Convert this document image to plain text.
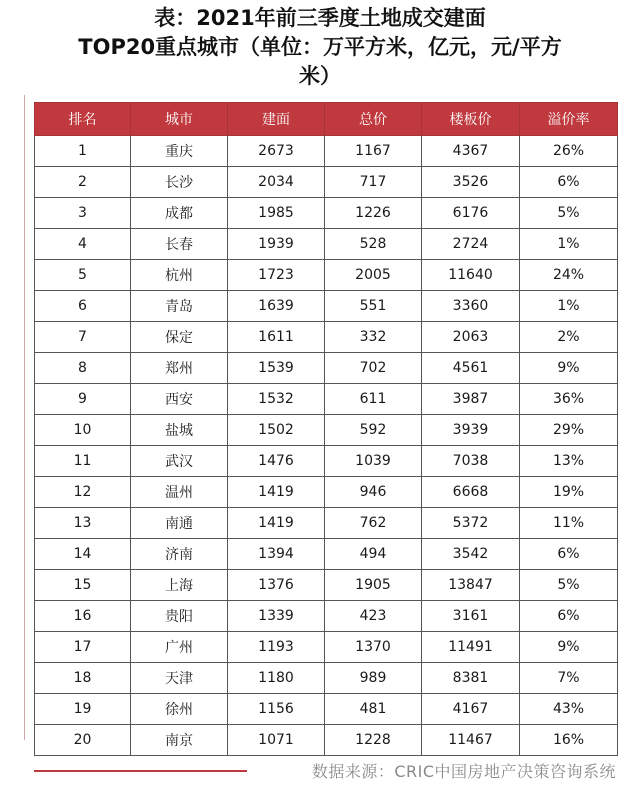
表：2021年前三季度土地成交建面
TOP20重点城市（单位：万平方米，亿元，元/平方
米）
排名	城市	建面	总价	楼板价	溢价率
1	重庆	2673	1167	4367	26%
2	长沙	2034	717	3526	6%
3	成都	1985	1226	6176	5%
4	长春	1939	528	2724	1%
5	杭州	1723	2005	11640	24%
6	青岛	1639	551	3360	1%
7	保定	1611	332	2063	2%
8	郑州	1539	702	4561	9%
9	西安	1532	611	3987	36%
10	盐城	1502	592	3939	29%
11	武汉	1476	1039	7038	13%
12	温州	1419	946	6668	19%
13	南通	1419	762	5372	11%
14	济南	1394	494	3542	6%
15	上海	1376	1905	13847	5%
16	贵阳	1339	423	3161	6%
17	广州	1193	1370	11491	9%
18	天津	1180	989	8381	7%
19	徐州	1156	481	4167	43%
20	南京	1071	1228	11467	16%
数据来源：CRIC中国房地产决策咨询系统
